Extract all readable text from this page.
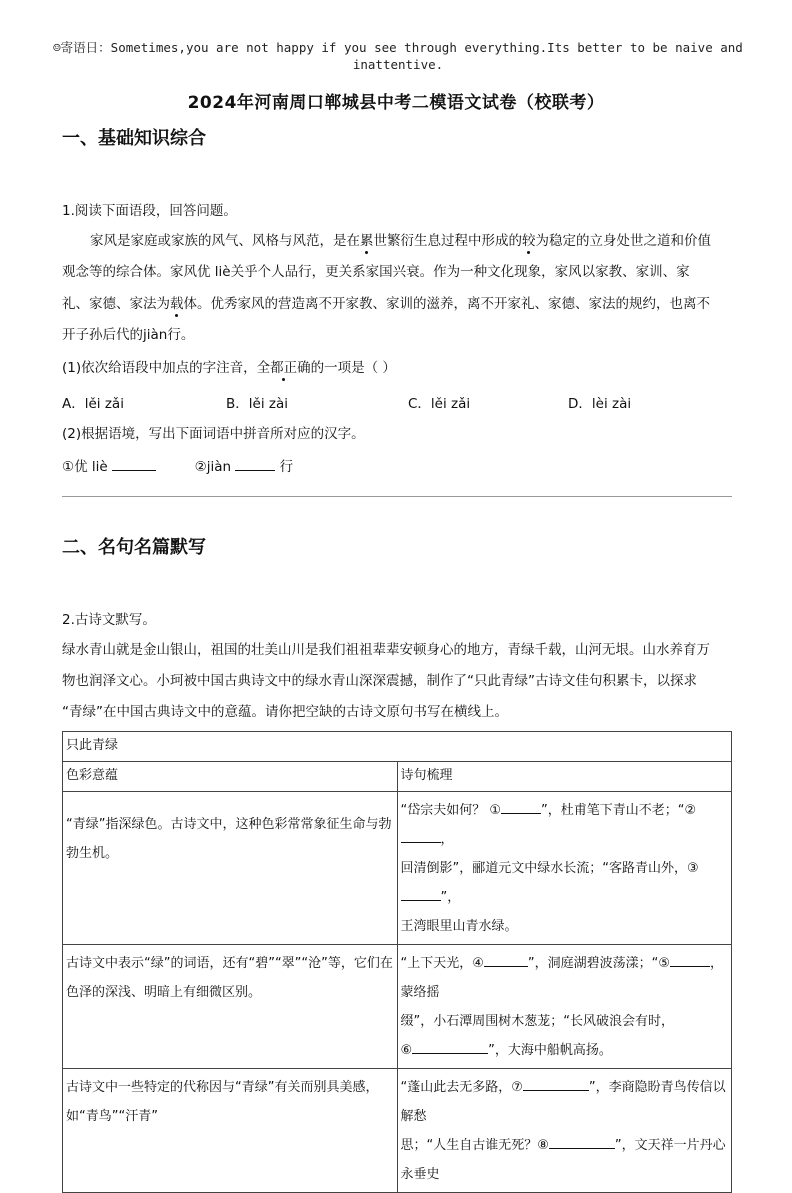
☺寄语日：Sometimes,you are not happy if you see through everything.Its better to be naive and inattentive.
2024年河南周口郸城县中考二模语文试卷（校联考）
一、基础知识综合
1.阅读下面语段，回答问题。
家风是家庭或家族的风气、风格与风范，是在累世繁衍生息过程中形成的较为稳定的立身处世之道和价值
观念等的综合体。家风优 liè关乎个人品行，更关系家国兴衰。作为一种文化现象，家风以家教、家训、家
礼、家德、家法为载体。优秀家风的营造离不开家教、家训的滋养，离不开家礼、家德、家法的规约，也离不
开子孙后代的jiàn行。
(1)依次给语段中加点的字注音，全都正确的一项是（ ）
A．lěi zǎi	B．lěi zài	C．lěi zǎi	D．lèi zài
(2)根据语境，写出下面词语中拼音所对应的汉字。
①优 liè	②jiàn	行
二、名句名篇默写
2.古诗文默写。
绿水青山就是金山银山，祖国的壮美山川是我们祖祖辈辈安顿身心的地方，青绿千载，山河无垠。山水养育万
物也润泽文心。小珂被中国古典诗文中的绿水青山深深震撼，制作了“只此青绿”古诗文佳句积累卡，以探求
“青绿”在中国古典诗文中的意蕴。请你把空缺的古诗文原句书写在横线上。
只此青绿	
色彩意蕴	诗句梳理
“青绿”指深绿色。古诗文中，这种色彩常常象征生命与勃勃生机。	“岱宗夫如何？ ① ”，杜甫笔下青山不老；“②，
回清倒影”，郦道元文中绿水长流；“客路青山外，③”，
王湾眼里山青水绿。

古诗文中表示“绿”的词语，还有“碧”“翠”“沧”等，它们在色泽的深浅、明暗上有细微区别。	“上下天光，④ ”，洞庭湖碧波荡漾；“⑤ ，蒙络摇
缀”，小石潭周围树木葱茏；“长风破浪会有时，
⑥ ”，大海中船帆高扬。

古诗文中一些特定的代称因与“青绿”有关而别具美感，如“青鸟”“汗青”	“蓬山此去无多路，⑦ ”，李商隐盼青鸟传信以解愁
思；“人生自古谁无死？⑧ ”，文天祥一片丹心永垂史
